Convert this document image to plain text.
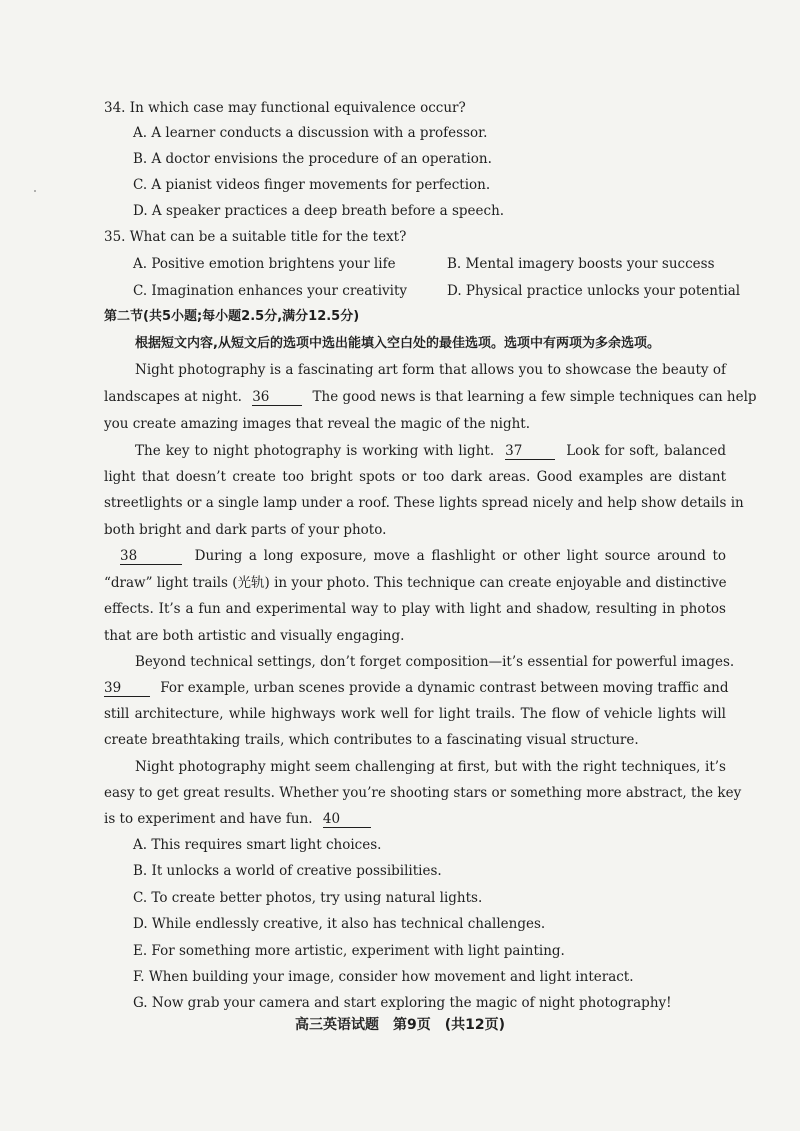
34. In which case may functional equivalence occur?
A. A learner conducts a discussion with a professor.
B. A doctor envisions the procedure of an operation.
C. A pianist videos finger movements for perfection.
D. A speaker practices a deep breath before a speech.
35. What can be a suitable title for the text?
A. Positive emotion brightens your life	B. Mental imagery boosts your success
C. Imagination enhances your creativity	D. Physical practice unlocks your potential
第二节(共5小题;每小题2.5分,满分12.5分)
根据短文内容,从短文后的选项中选出能填入空白处的最佳选项。选项中有两项为多余选项。
Night photography is a fascinating art form that allows you to showcase the beauty of
landscapes at night. 36	The good news is that learning a few simple techniques can help
you create amazing images that reveal the magic of the night.
The key to night photography is working with light. 37	Look for soft, balanced
light that doesn’t create too bright spots or too dark areas. Good examples are distant
streetlights or a single lamp under a roof. These lights spread nicely and help show details in
both bright and dark parts of your photo.
38	During a long exposure, move a flashlight or other light source around to
“draw” light trails (光轨) in your photo. This technique can create enjoyable and distinctive
effects. It’s a fun and experimental way to play with light and shadow, resulting in photos
that are both artistic and visually engaging.
Beyond technical settings, don’t forget composition—it’s essential for powerful images.
39	For example, urban scenes provide a dynamic contrast between moving traffic and
still architecture, while highways work well for light trails. The flow of vehicle lights will
create breathtaking trails, which contributes to a fascinating visual structure.
Night photography might seem challenging at first, but with the right techniques, it’s
easy to get great results. Whether you’re shooting stars or something more abstract, the key
is to experiment and have fun. 40
A. This requires smart light choices.
B. It unlocks a world of creative possibilities.
C. To create better photos, try using natural lights.
D. While endlessly creative, it also has technical challenges.
E. For something more artistic, experiment with light painting.
F. When building your image, consider how movement and light interact.
G. Now grab your camera and start exploring the magic of night photography!
高三英语试题　第9页　(共12页)
